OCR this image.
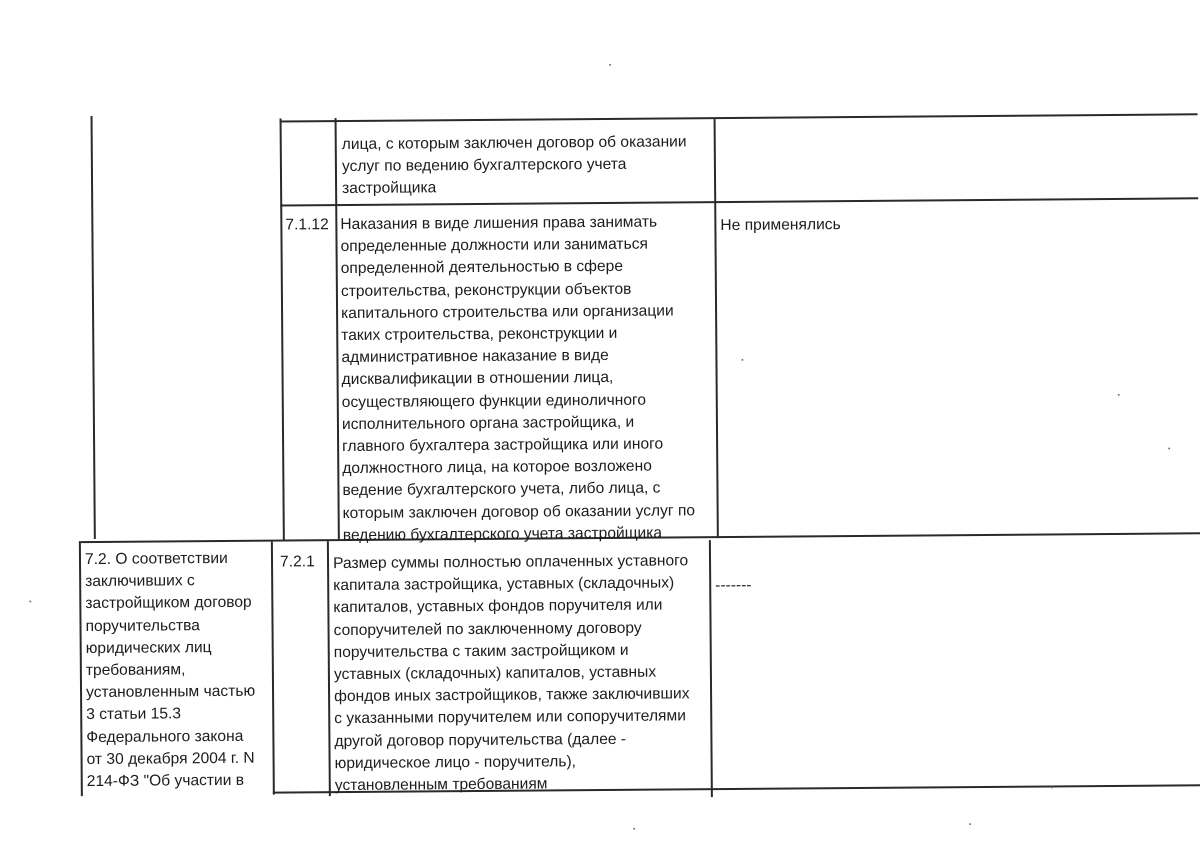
лица, с которым заключен договор об оказании
услуг по ведению бухгалтерского учета
застройщика
7.1.12 Наказания в виде лишения права занимать
определенные должности или заниматься
определенной деятельностью в сфере
строительства, реконструкции объектов
капитального строительства или организации
таких строительства, реконструкции и
административное наказание в виде
дисквалификации в отношении лица,
осуществляющего функции единоличного
исполнительного органа застройщика, и
главного бухгалтера застройщика или иного
должностного лица, на которое возложено
ведение бухгалтерского учета, либо лица, с
которым заключен договор об оказании услуг по
ведению бухгалтерского учета застройщика
Не применялись
7.2. О соответствии
заключивших с
застройщиком договор
поручительства
юридических лиц
требованиям,
установленным частью
3 статьи 15.3
Федерального закона
от 30 декабря 2004 г. N
214-ФЗ "Об участии в
7.2.1 Размер суммы полностью оплаченных уставного
капитала застройщика, уставных (складочных)
капиталов, уставных фондов поручителя или
сопоручителей по заключенному договору
поручительства с таким застройщиком и
уставных (складочных) капиталов, уставных
фондов иных застройщиков, также заключивших
с указанными поручителем или сопоручителями
другой договор поручительства (далее -
юридическое лицо - поручитель),
установленным требованиям
-------
